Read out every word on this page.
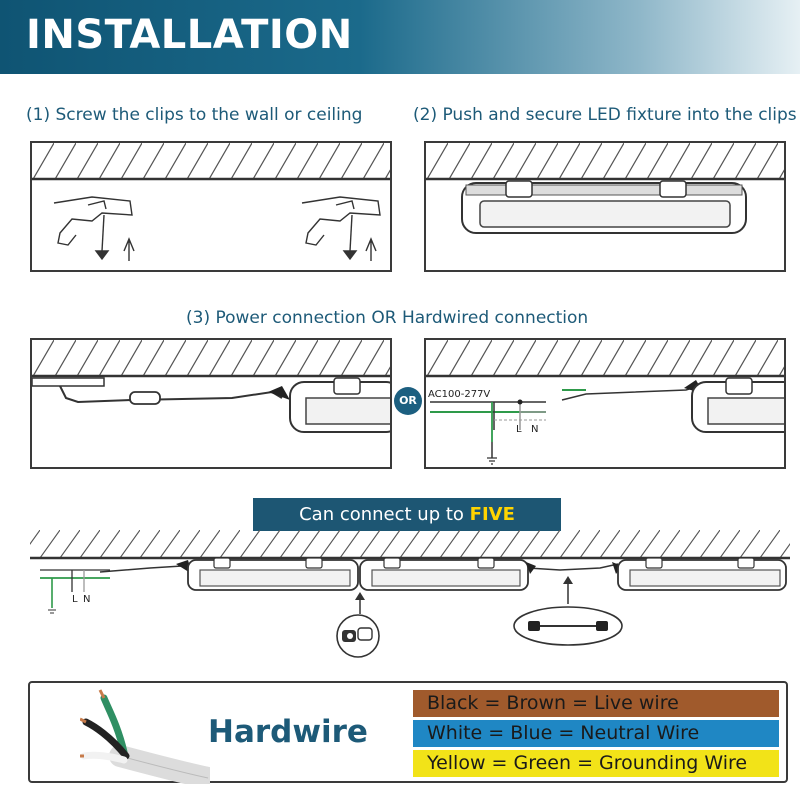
INSTALLATION
(1) Screw the clips to the wall or ceiling	(2) Push and secure LED fixture into the clips
(3) Power connection OR Hardwired connection
OR	AC100-277V
L N
Can connect up to FIVE
L N
Hardwire
Black = Brown = Live wire
White = Blue = Neutral Wire
Yellow = Green = Grounding Wire
